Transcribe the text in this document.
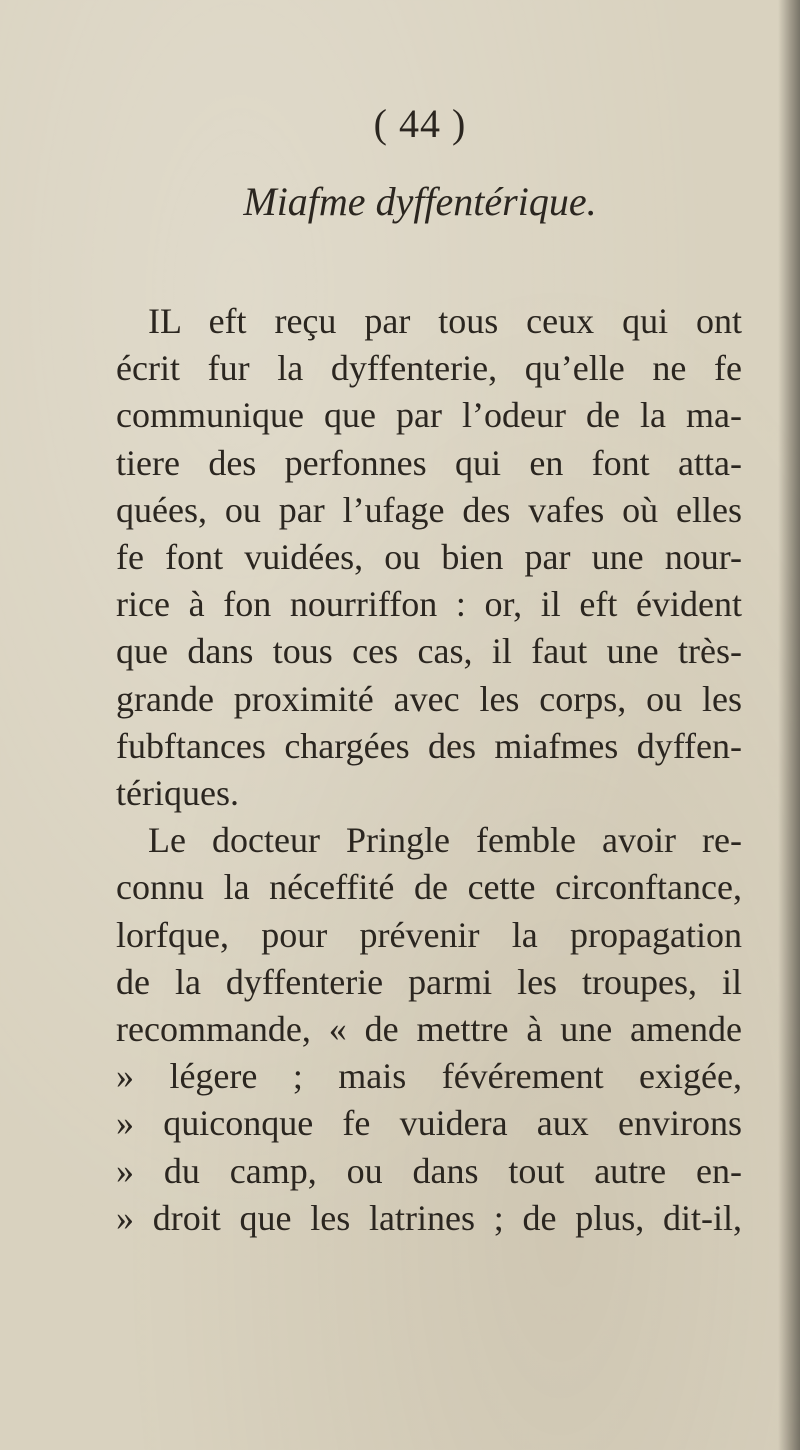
( 44 )
Miafme dyffentérique.
IL eft reçu par tous ceux qui ont
écrit fur la dyffenterie, qu’elle ne fe
communique que par l’odeur de la ma-
tiere des perfonnes qui en font atta-
quées, ou par l’ufage des vafes où elles
fe font vuidées, ou bien par une nour-
rice à fon nourriffon : or, il eft évident
que dans tous ces cas, il faut une très-
grande proximité avec les corps, ou les
fubftances chargées des miafmes dyffen-
tériques.
Le docteur Pringle femble avoir re-
connu la néceffité de cette circonftance,
lorfque, pour prévenir la propagation
de la dyffenterie parmi les troupes, il
recommande, « de mettre à une amende
» légere ; mais févérement exigée,
» quiconque fe vuidera aux environs
» du camp, ou dans tout autre en-
» droit que les latrines ; de plus, dit-il,
